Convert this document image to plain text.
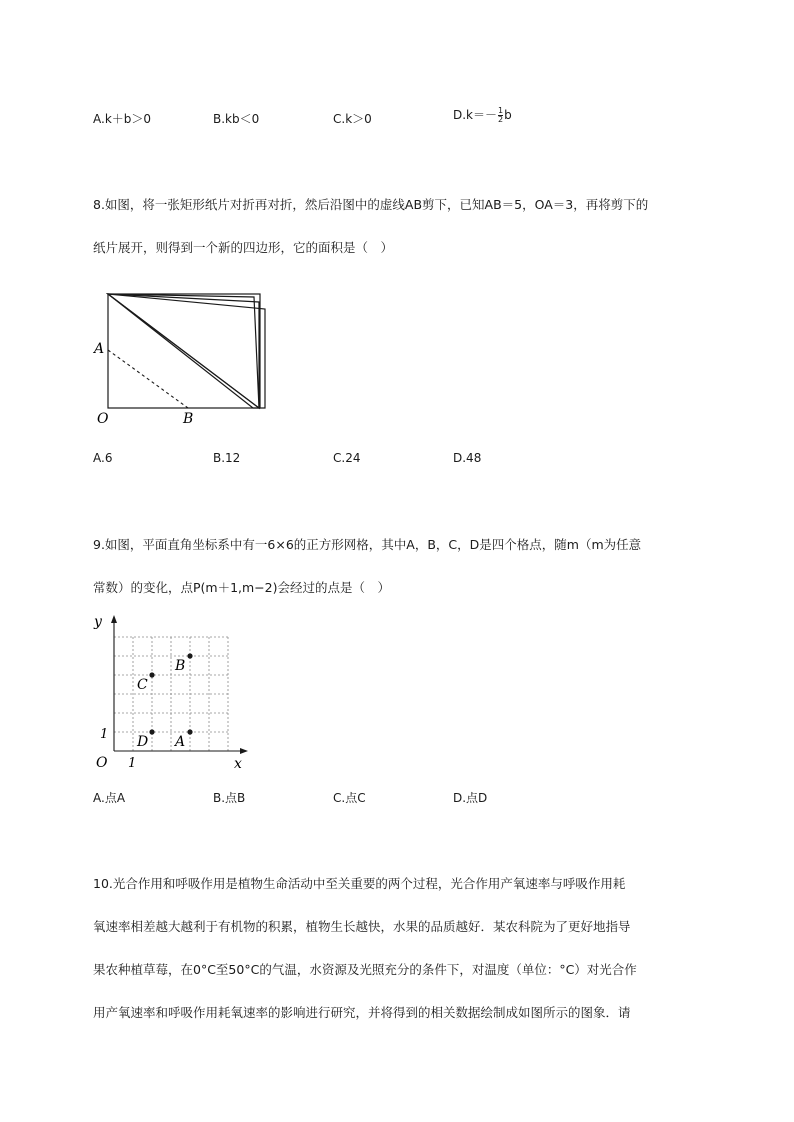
A.k＋b＞0	B.kb＜0	C.k＞0	$D.k=- \frac{1}{2}$ b
8.如图，将一张矩形纸片对折再对折，然后沿图中的虚线AB剪下，已知AB＝5，OA＝3，再将剪下的
纸片展开，则得到一个新的四边形，它的面积是（　）
A
O	B
A.6	B.12	C.24	D.48
9.如图，平面直角坐标系中有一6×6的正方形网格，其中A，B，C，D是四个格点，随m（m为任意
常数）的变化，点P(m＋1,m−2)会经过的点是（　）
A
B
C
D
y
x
O 1
1
A.点A	B.点B	C.点C	D.点D
10.光合作用和呼吸作用是植物生命活动中至关重要的两个过程，光合作用产氧速率与呼吸作用耗
氧速率相差越大越利于有机物的积累，植物生长越快，水果的品质越好．某农科院为了更好地指导
果农种植草莓，在0°C至50°C的气温，水资源及光照充分的条件下，对温度（单位：°C）对光合作
用产氧速率和呼吸作用耗氧速率的影响进行研究，并将得到的相关数据绘制成如图所示的图象．请
